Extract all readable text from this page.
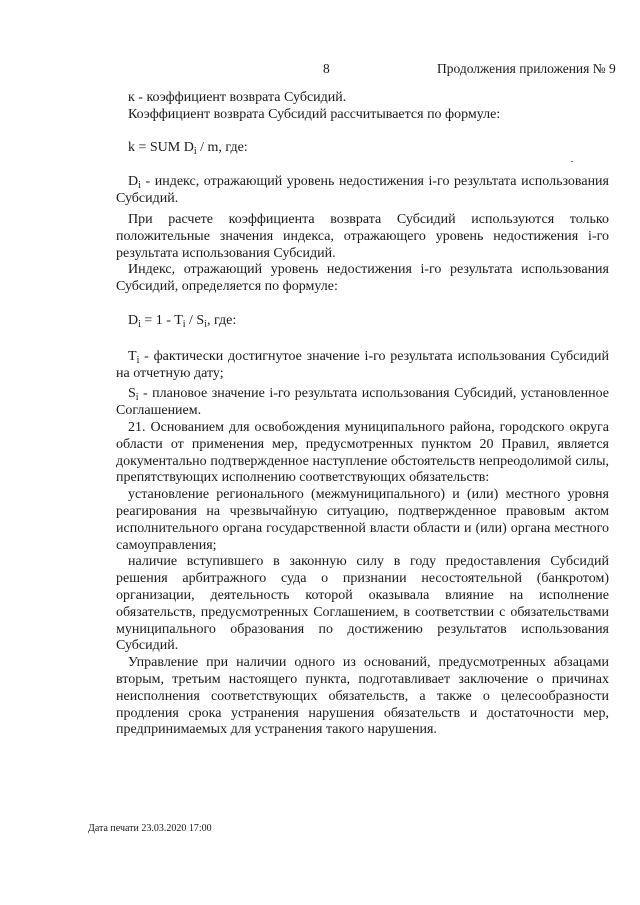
8	Продолжения приложения № 9

к - коэффициент возврата Субсидий.

Коэффициент возврата Субсидий рассчитывается по формуле:

k = SUM $D_i$ / m, где:

$D_i$ - индекс, отражающий уровень недостижения i-го результата использования Субсидий.

При расчете коэффициента возврата Субсидий используются только положительные значения индекса, отражающего уровень недостижения i-го результата использования Субсидий.

Индекс, отражающий уровень недостижения i-го результата использования Субсидий, определяется по формуле:

$D_i = 1 - T_i / S_i$, где:

$T_i$ - фактически достигнутое значение i-го результата использования Субсидий на отчетную дату;

$S_i$ - плановое значение i-го результата использования Субсидий, установленное Соглашением.

21. Основанием для освобождения муниципального района, городского округа области от применения мер, предусмотренных пунктом 20 Правил, является документально подтвержденное наступление обстоятельств непреодолимой силы, препятствующих исполнению соответствующих обязательств:

установление регионального (межмуниципального) и (или) местного уровня реагирования на чрезвычайную ситуацию, подтвержденное правовым актом исполнительного органа государственной власти области и (или) органа местного самоуправления;

наличие вступившего в законную силу в году предоставления Субсидий решения арбитражного суда о признании несостоятельной (банкротом) организации, деятельность которой оказывала влияние на исполнение обязательств, предусмотренных Соглашением, в соответствии с обязательствами муниципального образования по достижению результатов использования Субсидий.

Управление при наличии одного из оснований, предусмотренных абзацами вторым, третьим настоящего пункта, подготавливает заключение о причинах неисполнения соответствующих обязательств, а также о целесообразности продления срока устранения нарушения обязательств и достаточности мер, предпринимаемых для устранения такого нарушения.

Дата печати 23.03.2020 17:00
